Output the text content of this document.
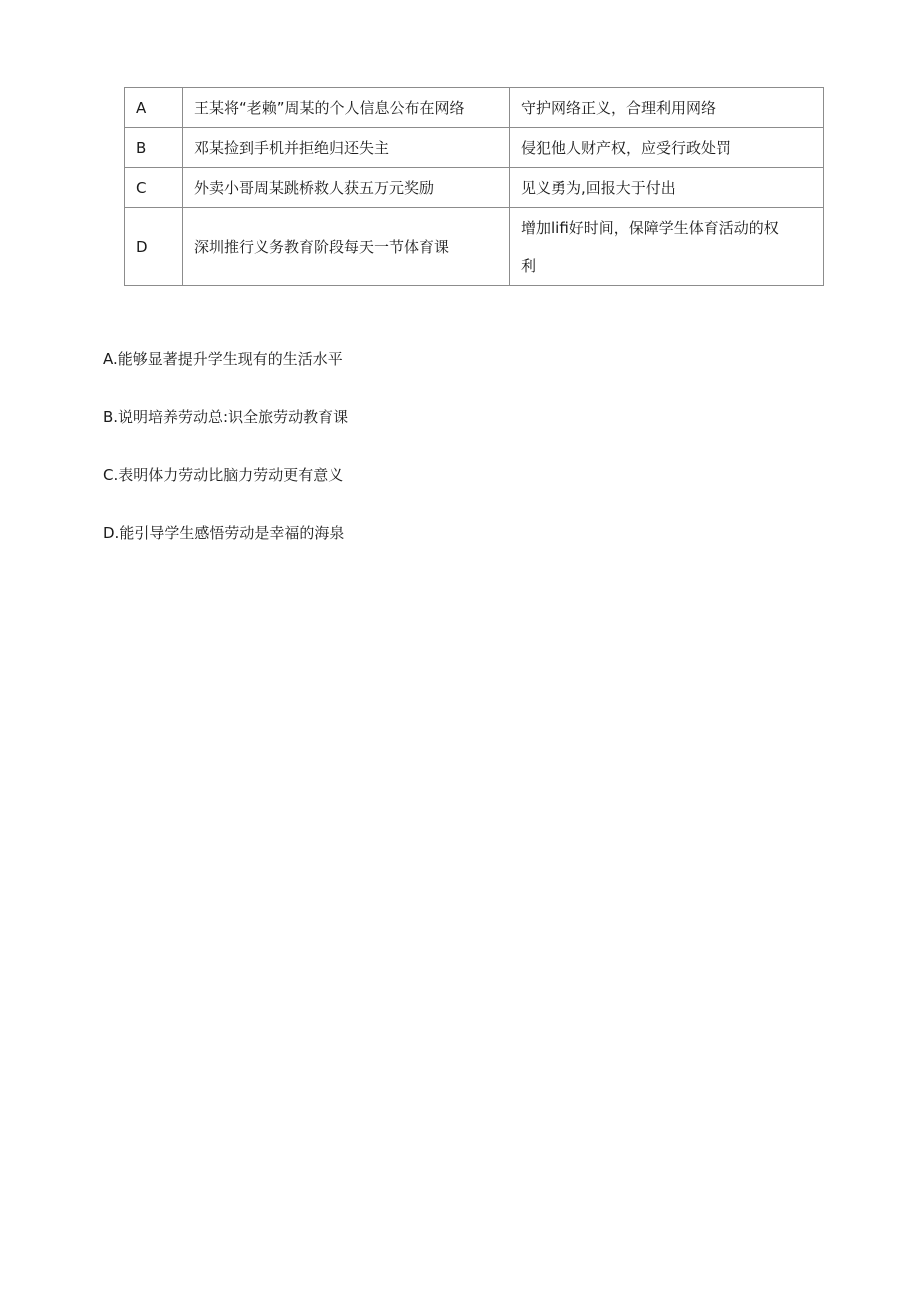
A	王某将“老赖”周某的个人信息公布在网络	守护网络正义，合理利用网络
B	邓某捡到手机并拒绝归还失主	侵犯他人财产权，应受行政处罚
C	外卖小哥周某跳桥救人获五万元奖励	见义勇为,回报大于付出
D	深圳推行义务教育阶段每天一节体育课	增加lifi好时间，保障学生体育活动的权
利
A.能够显著提升学生现有的生活水平
B.说明培养劳动总:识全旅劳动教育课
C.表明体力劳动比脑力劳动更有意义
D.能引导学生感悟劳动是幸福的海泉
